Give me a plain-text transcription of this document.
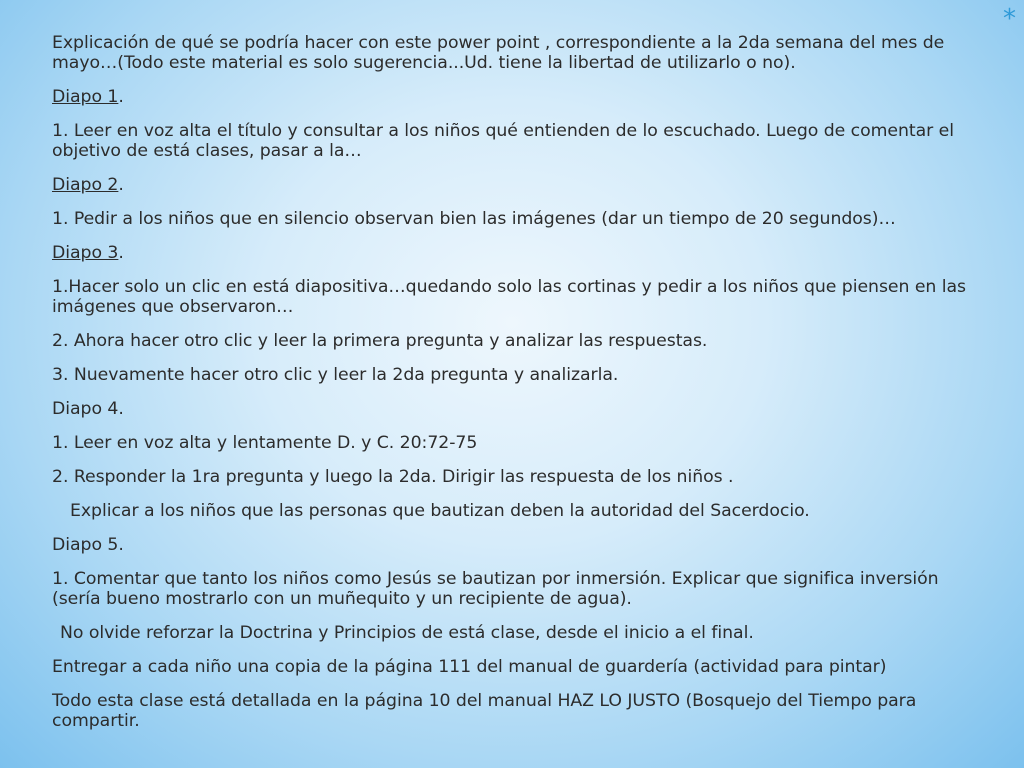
*

Explicación de qué se podría hacer con este power point , correspondiente a la 2da semana del mes de mayo…(Todo este material es solo sugerencia...Ud. tiene la libertad de utilizarlo o no).

Diapo 1.

1. Leer en voz alta el título y consultar a los niños qué entienden de lo escuchado. Luego de comentar el objetivo de está clases, pasar a la…

Diapo 2.

1. Pedir a los niños que en silencio observan bien las imágenes (dar un tiempo de 20 segundos)…

Diapo 3.

1.Hacer solo un clic en está diapositiva…quedando solo las cortinas y pedir a los niños que piensen en las imágenes que observaron…

2. Ahora hacer otro clic y leer la primera pregunta y analizar las respuestas.

3. Nuevamente hacer otro clic y leer la 2da pregunta y analizarla.

Diapo 4.

1. Leer en voz alta y lentamente D. y C. 20:72-75

2. Responder la 1ra pregunta y luego la 2da. Dirigir las respuesta de los niños .

Explicar a los niños que las personas que bautizan deben la autoridad del Sacerdocio.

Diapo 5.

1. Comentar que tanto los niños como Jesús se bautizan por inmersión. Explicar que significa inversión (sería bueno mostrarlo con un muñequito y un recipiente de agua).

No olvide reforzar la Doctrina y Principios de está clase, desde el inicio a el final.

Entregar a cada niño una copia de la página 111 del manual de guardería (actividad para pintar)

Todo esta clase está detallada en la página 10 del manual HAZ LO JUSTO (Bosquejo del Tiempo para compartir.
